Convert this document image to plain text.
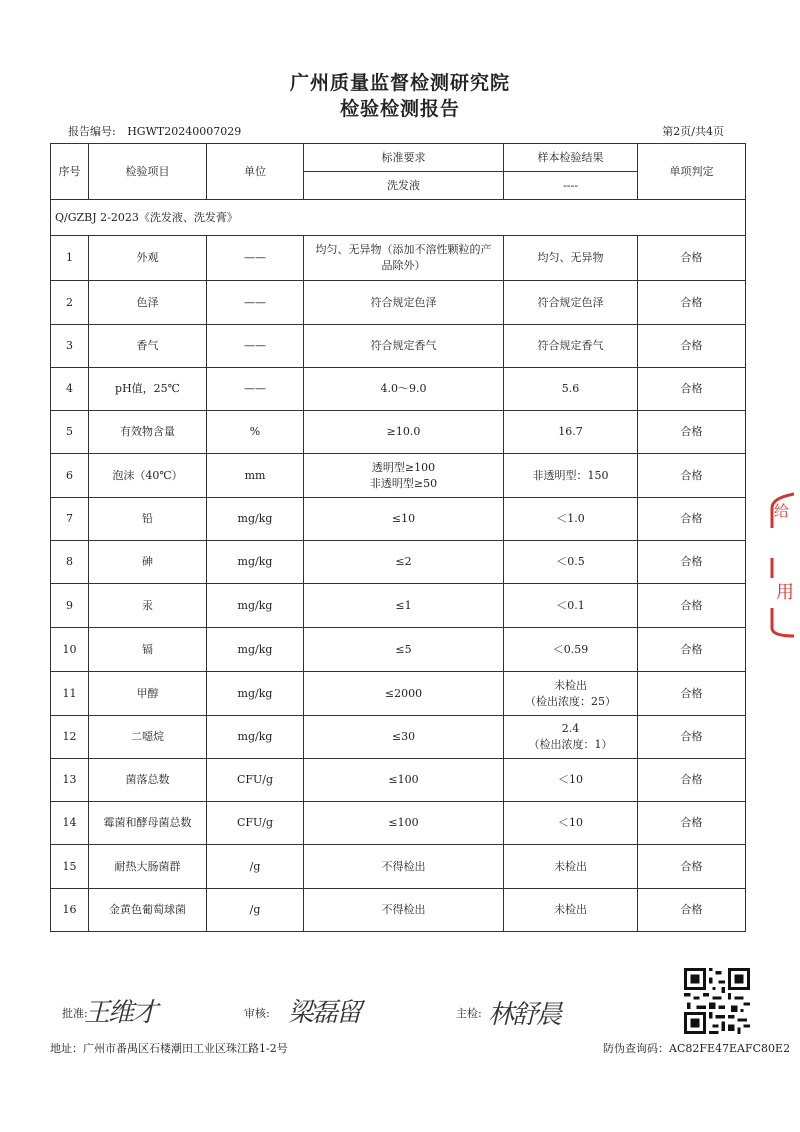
广州质量监督检测研究院
检验检测报告
报告编号: HGWT20240007029	第2页/共4页
序号	检验项目	单位	标准要求	样本检验结果	单项判定
			洗发液	----	
Q/GZBJ 2-2023《洗发液、洗发膏》					
1	外观	——	均匀、无异物（添加不溶性颗粒的产
品除外）	均匀、无异物	合格
2	色泽	——	符合规定色泽	符合规定色泽	合格
3	香气	——	符合规定香气	符合规定香气	合格
4	pH值，25℃	——	4.0～9.0	5.6	合格
5	有效物含量	%	≥10.0	16.7	合格
6	泡沫（40℃）	mm	透明型≥100
非透明型≥50	非透明型：150	合格
7	铅	mg/kg	≤10	＜1.0	合格
8	砷	mg/kg	≤2	＜0.5	合格
9	汞	mg/kg	≤1	＜0.1	合格
10	镉	mg/kg	≤5	＜0.59	合格
11	甲醇	mg/kg	≤2000	未检出
（检出浓度：25）	合格
12	二噁烷	mg/kg	≤30	2.4
（检出浓度：1）	合格
13	菌落总数	CFU/g	≤100	＜10	合格
14	霉菌和酵母菌总数	CFU/g	≤100	＜10	合格
15	耐热大肠菌群	/g	不得检出	未检出	合格
16	金黄色葡萄球菌	/g	不得检出	未检出	合格
给
用
批准:
王维才	审核: 梁磊留	主检: 林舒晨
地址：广州市番禺区石楼潮田工业区珠江路1-2号	防伪查询码：AC82FE47EAFC80E2
